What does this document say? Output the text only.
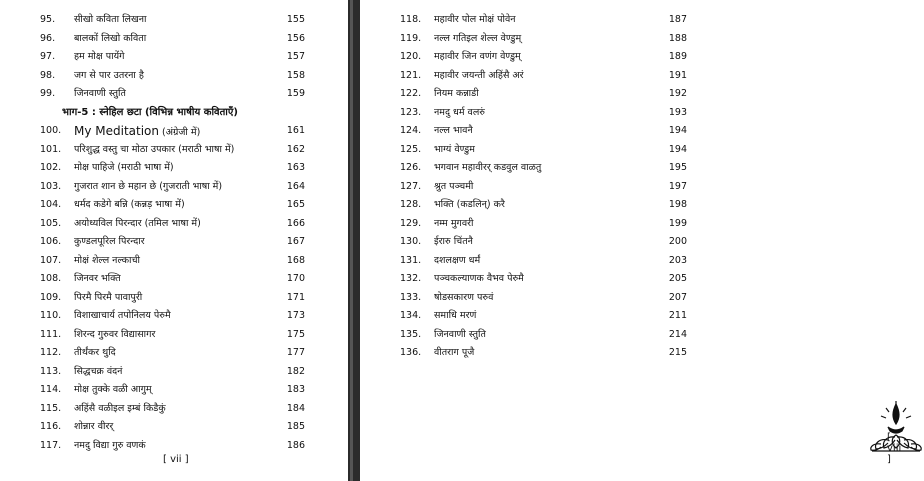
95.	सीखो कविता लिखना	155
96.	बालकों लिखो कविता	156
97.	हम मोक्ष पायेंगे	157
98.	जग से पार उतरना है	158
99.	जिनवाणी स्तुति	159
भाग-5 : स्नेहिल छटा (विभिन्न भाषीय कविताएँ)
100.	My Meditation (अंग्रेजी में)	161
101.	परिशुद्ध वस्तु चा मोठा उपकार (मराठी भाषा में)	162
102.	मोक्ष पाहिजे (मराठी भाषा में)	163
103.	गुजरात शान छे महान छे (गुजराती भाषा में)	164
104.	धर्मद कडेगे बन्नि (कन्नड़ भाषा में)	165
105.	अयोध्यविल पिरन्दार (तमिल भाषा में)	166
106.	कुण्डलपूरिल पिरन्दार	167
107.	मोक्षं शेल्ल नल्काची	168
108.	जिनवर भक्ति	170
109.	पिरमै पिरमै पावापुरी	171
110.	विशाखाचार्य तपोनिलय पेरुमै	173
111.	शिरन्द गुरुवर विद्यासागर	175
112.	तीर्थंकर थुदि	177
113.	सिद्धचक्र वंदनं	182
114.	मोक्ष तुक्के वळी आगुम्	183
115.	अहिंसै वळीइल इम्बं किडैकुं	184
116.	शोन्नार वीरर्	185
117.	नमदु विद्या गुरु वणकं	186
[ vii ]
118.	महावीर पोल मोक्षं पोवेन	187
119.	नल्ल गतिइल शेल्ल वेण्डुम्	188
120.	महावीर जिन वणंग वेण्डुम्	189
121.	महावीर जयन्ती अहिंसै अरं	191
122.	नियम कन्नाडी	192
123.	नमदु धर्म वलरुं	193
124.	नल्ल भावनै	194
125.	भाग्यं वेण्डुम	194
126.	भगवान महावीरर् कडवुल वाळतु	195
127.	श्रुत पञ्चमी	197
128.	भक्ति (कडलिन्) करै	198
129.	नम्म मुगवरी	199
130.	ईरारु चिंतनै	200
131.	दशलक्षण धर्मं	203
132.	पञ्चकल्याणक वैभव पेरुमै	205
133.	षोडसकारण परुवं	207
134.	समाधि मरणं	211
135.	जिनवाणी स्तुति	214
136.	वीतराग पूजै	215
[ viii ]
